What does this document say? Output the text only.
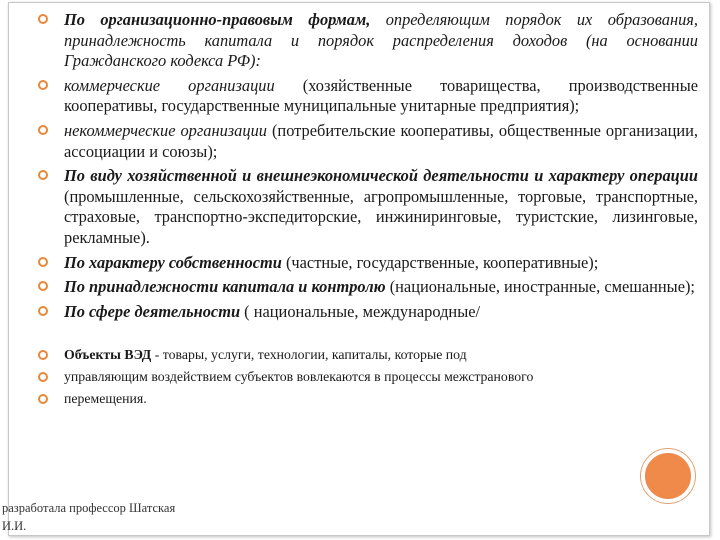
По организационно-правовым формам, определяющим порядок их образования, принадлежность капитала и порядок распределения доходов (на основании Гражданского кодекса РФ):
коммерческие организации (хозяйственные товарищества, производственные кооперативы, государственные муниципальные унитарные предприятия);
некоммерческие организации (потребительские кооперативы, общественные организации, ассоциации и союзы);
По виду хозяйственной и внешнеэкономической деятельности и характеру операции (промышленные, сельскохозяйственные, агропромышленные, торговые, транспортные, страховые, транспортно-экспедиторские, инжиниринговые, туристские, лизинговые, рекламные).
По характеру собственности (частные, государственные, кооперативные);
По принадлежности капитала и контролю (национальные, иностранные, смешанные);
По сфере деятельности ( национальные, международные/
Объекты ВЭД - товары, услуги, технологии, капиталы, которые под
управляющим воздействием субъектов вовлекаются в процессы межстранового
перемещения.
разработала профессор Шатская
И.И.
